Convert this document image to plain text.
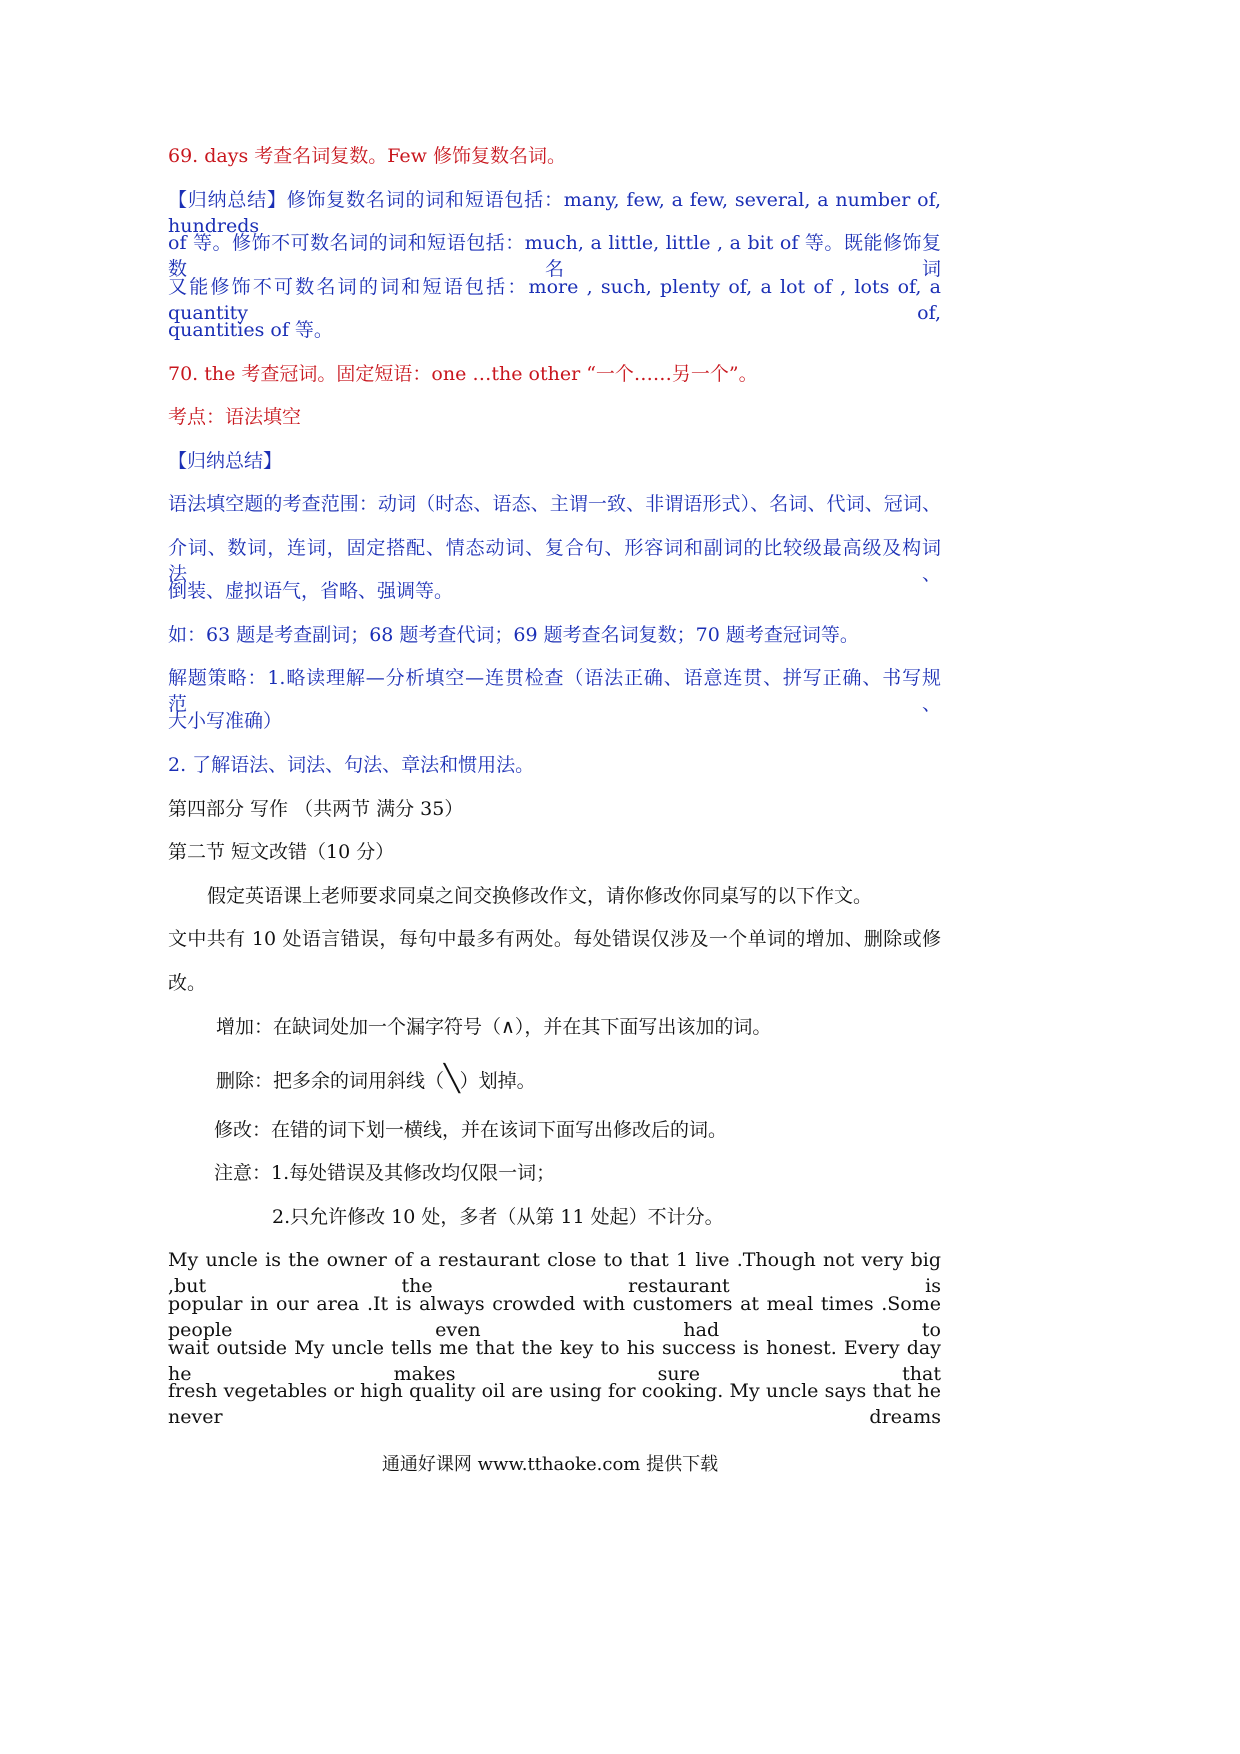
69. days 考查名词复数。Few 修饰复数名词。
【归纳总结】修饰复数名词的词和短语包括：many, few, a few, several, a number of, hundreds
of 等。修饰不可数名词的词和短语包括：much, a little, little , a bit of 等。既能修饰复数名词
又能修饰不可数名词的词和短语包括：more , such, plenty of, a lot of , lots of, a quantity of,
quantities of 等。
70. the 考查冠词。固定短语：one …the other “一个……另一个”。
考点：语法填空
【归纳总结】
语法填空题的考查范围：动词（时态、语态、主谓一致、非谓语形式）、名词、代词、冠词、
介词、数词，连词，固定搭配、情态动词、复合句、形容词和副词的比较级最高级及构词法、
倒装、虚拟语气，省略、强调等。
如：63 题是考查副词；68 题考查代词；69 题考查名词复数；70 题考查冠词等。
解题策略：1.略读理解—分析填空—连贯检查（语法正确、语意连贯、拼写正确、书写规范、
大小写准确）
2. 了解语法、词法、句法、章法和惯用法。
第四部分 写作 （共两节 满分 35）
第二节 短文改错（10 分）
假定英语课上老师要求同桌之间交换修改作文，请你修改你同桌写的以下作文。
文中共有 10 处语言错误，每句中最多有两处。每处错误仅涉及一个单词的增加、删除或修
改。
增加：在缺词处加一个漏字符号（∧），并在其下面写出该加的词。
删除：把多余的词用斜线（╲）划掉。
修改：在错的词下划一横线，并在该词下面写出修改后的词。
注意：1.每处错误及其修改均仅限一词；
2.只允许修改 10 处，多者（从第 11 处起）不计分。
My uncle is the owner of a restaurant close to that 1 live .Though not very big ,but the restaurant is
popular in our area .It is always crowded with customers at meal times .Some people even had to
wait outside My uncle tells me that the key to his success is honest. Every day he makes sure that
fresh vegetables or high quality oil are using for cooking. My uncle says that he never dreams
通通好课网 www.tthaoke.com 提供下载
